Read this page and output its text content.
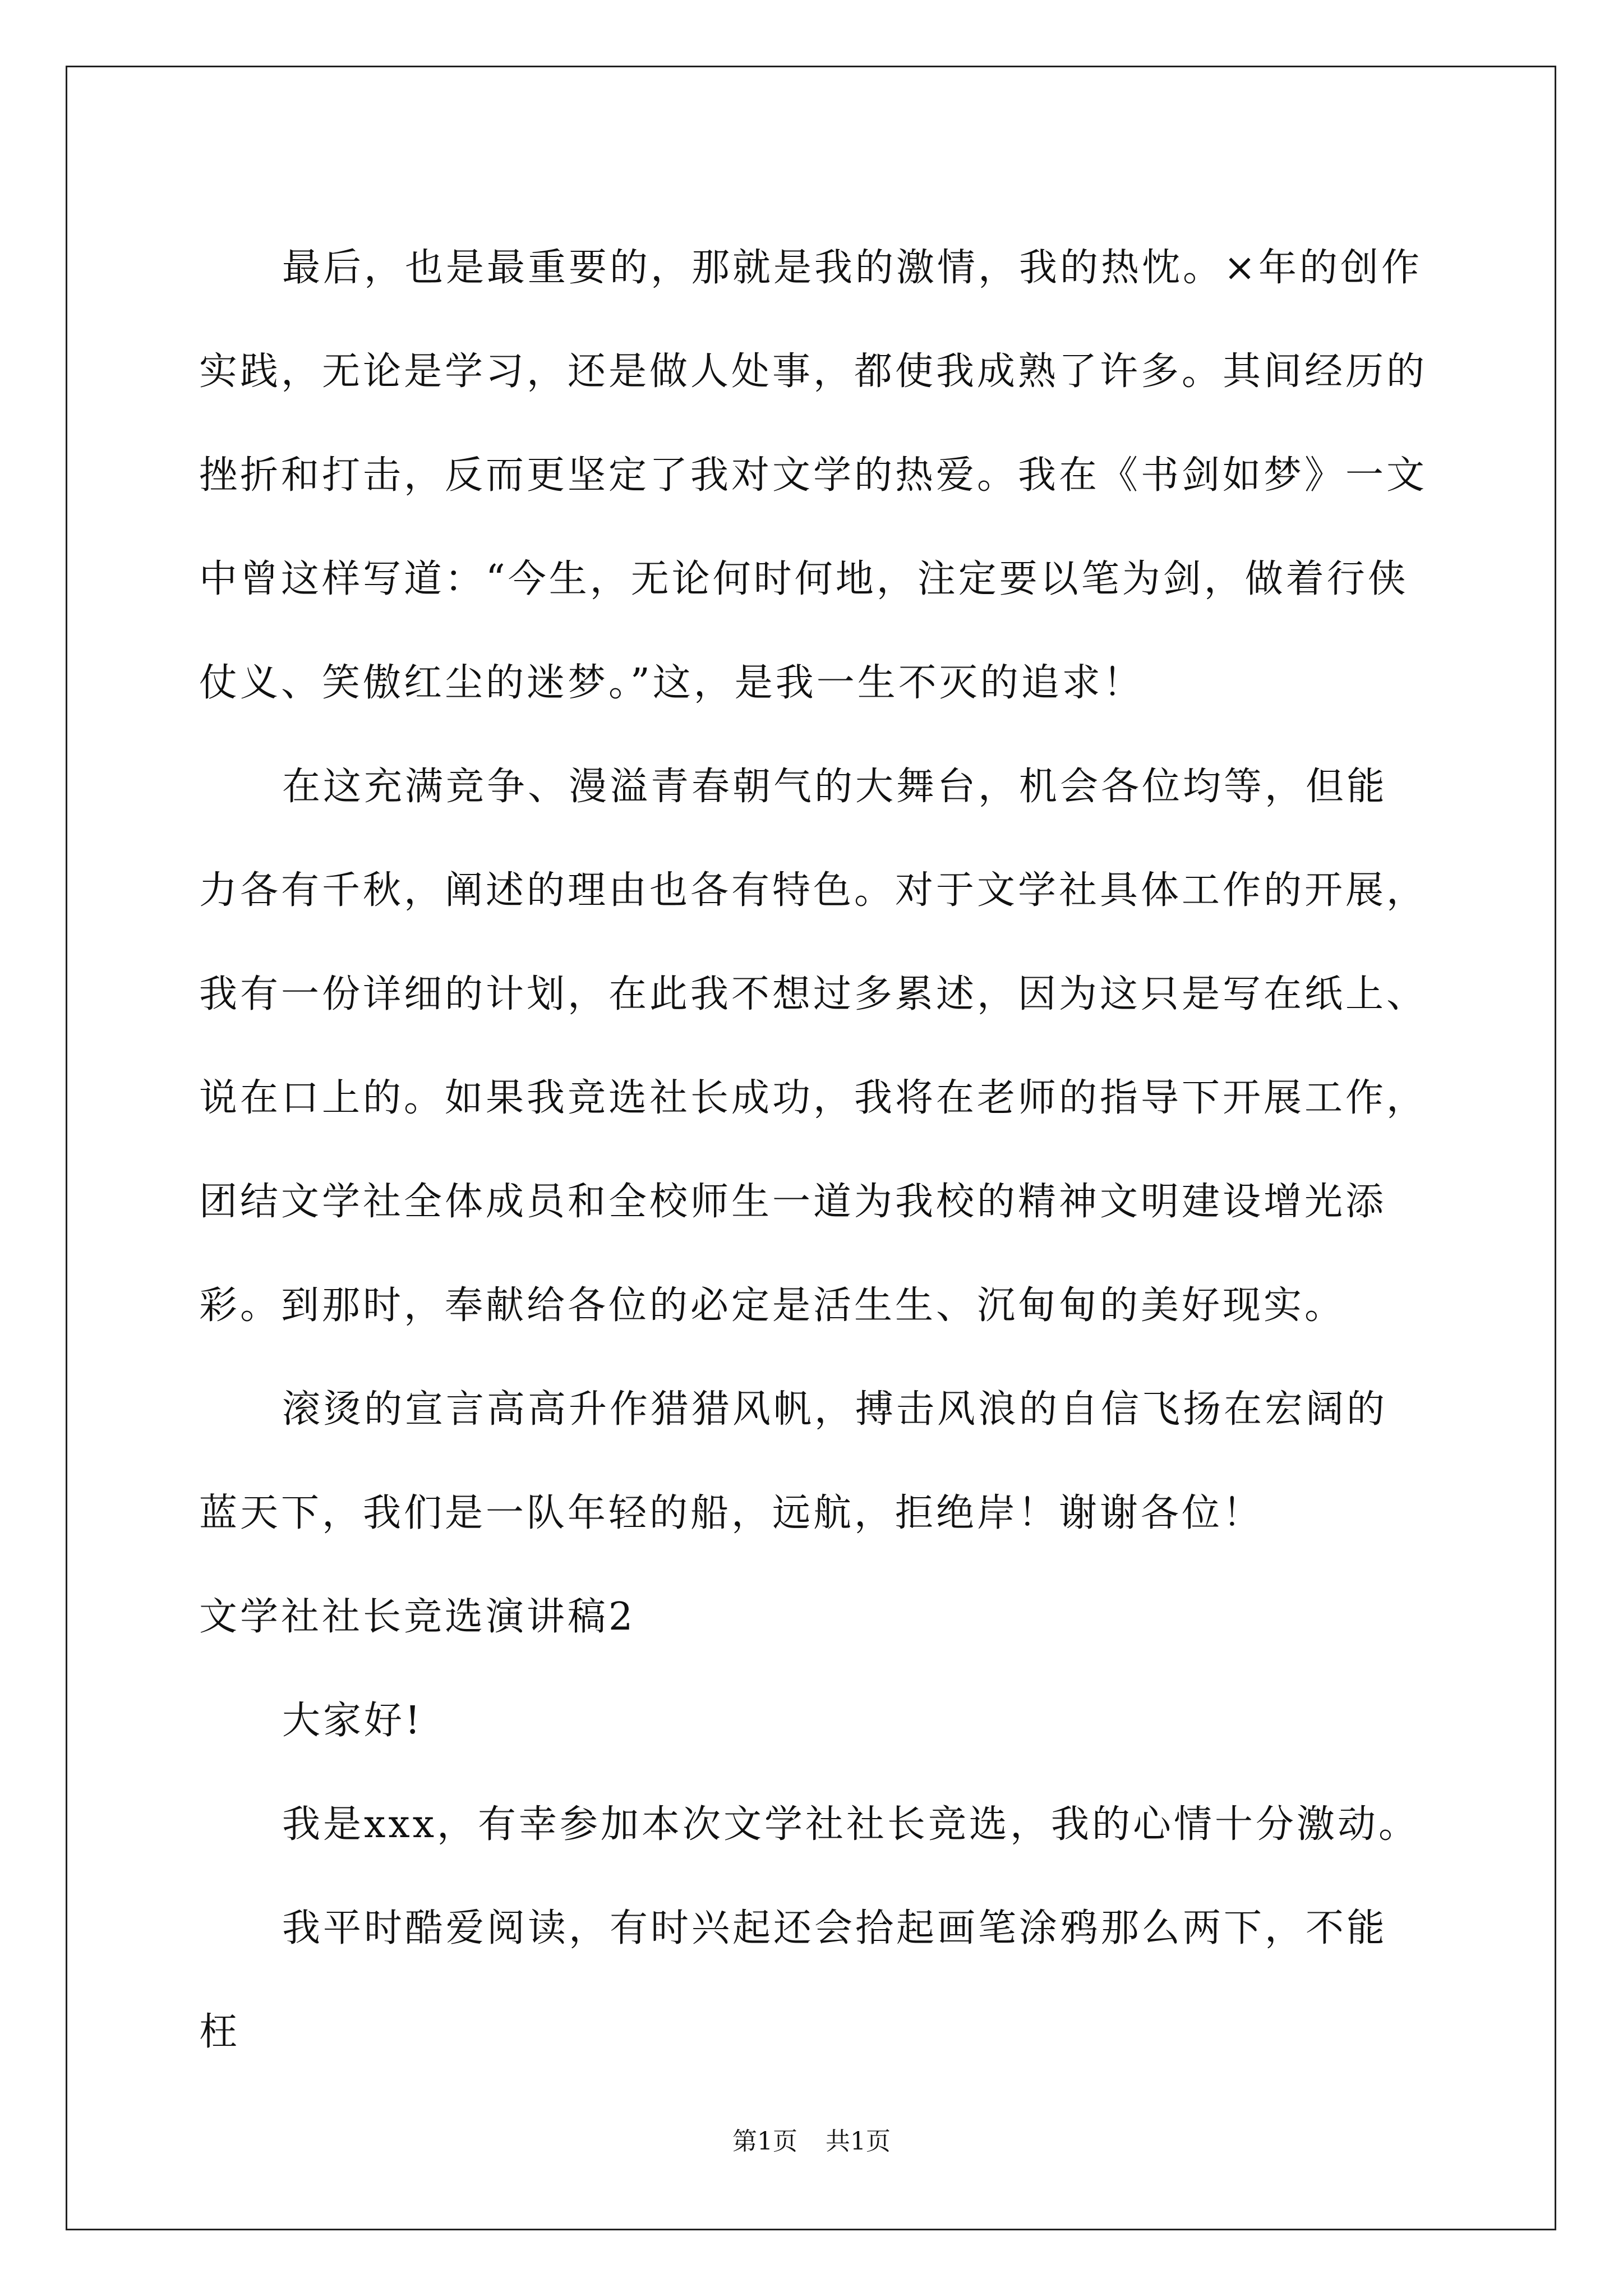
最后，也是最重要的，那就是我的激情，我的热忱。×年的创作实践，无论是学习，还是做人处事，都使我成熟了许多。其间经历的挫折和打击，反而更坚定了我对文学的热爱。我在《书剑如梦》一文中曾这样写道：“今生，无论何时何地，注定要以笔为剑，做着行侠仗义、笑傲红尘的迷梦。”这，是我一生不灭的追求！

在这充满竞争、漫溢青春朝气的大舞台，机会各位均等，但能力各有千秋，阐述的理由也各有特色。对于文学社具体工作的开展，我有一份详细的计划，在此我不想过多累述，因为这只是写在纸上、说在口上的。如果我竞选社长成功，我将在老师的指导下开展工作，团结文学社全体成员和全校师生一道为我校的精神文明建设增光添彩。到那时，奉献给各位的必定是活生生、沉甸甸的美好现实。

滚烫的宣言高高升作猎猎风帆，搏击风浪的自信飞扬在宏阔的蓝天下，我们是一队年轻的船，远航，拒绝岸！谢谢各位！

文学社社长竞选演讲稿2

大家好!

我是xxx，有幸参加本次文学社社长竞选，我的心情十分激动。

我平时酷爱阅读，有时兴起还会拾起画笔涂鸦那么两下，不能枉

第1页 共1页
